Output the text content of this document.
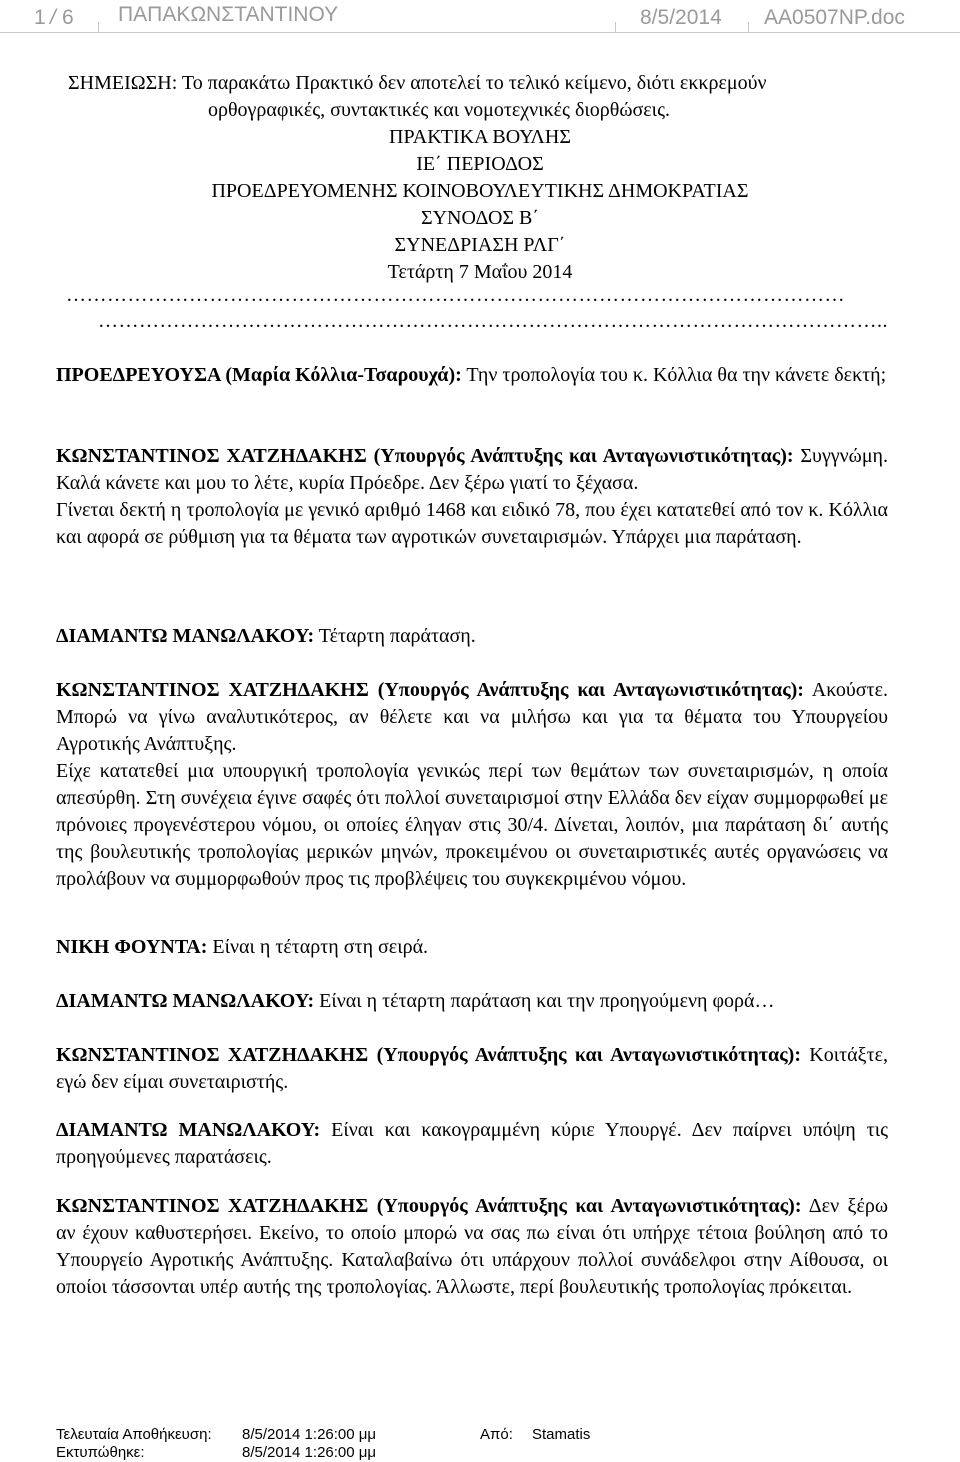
1 / 6 ΠΑΠΑΚΩΝΣΤΑΝΤΙΝΟΥ	8/5/2014 AA0507NP.doc
ΣΗΜΕΙΩΣΗ: Το παρακάτω Πρακτικό δεν αποτελεί το τελικό κείμενο, διότι εκκρεμούν
ορθογραφικές, συντακτικές και νομοτεχνικές διορθώσεις.
ΠΡΑΚΤΙΚΑ ΒΟΥΛΗΣ
ΙΕ΄ ΠΕΡΙΟΔΟΣ
ΠΡΟΕΔΡΕΥΟΜΕΝΗΣ ΚΟΙΝΟΒΟΥΛΕΥΤΙΚΗΣ ΔΗΜΟΚΡΑΤΙΑΣ
ΣΥΝΟΔΟΣ Β΄
ΣΥΝΕΔΡΙΑΣΗ ΡΛΓ΄
Τετάρτη 7 Μαΐου 2014
……………………………………………………………………………………………………
……………………………………………………………………………………………………..

ΠΡΟΕΔΡΕΥΟΥΣΑ (Μαρία Κόλλια-Τσαρουχά): Την τροπολογία του κ. Κόλλια θα την κάνετε δεκτή;

ΚΩΝΣΤΑΝΤΙΝΟΣ ΧΑΤΖΗΔΑΚΗΣ (Υπουργός Ανάπτυξης και Ανταγωνιστικότητας): Συγγνώμη. Καλά κάνετε και μου το λέτε, κυρία Πρόεδρε. Δεν ξέρω γιατί το ξέχασα.

Γίνεται δεκτή η τροπολογία με γενικό αριθμό 1468 και ειδικό 78, που έχει κατατεθεί από τον κ. Κόλλια και αφορά σε ρύθμιση για τα θέματα των αγροτικών συνεταιρισμών. Υπάρχει μια παράταση.

ΔΙΑΜΑΝΤΩ ΜΑΝΩΛΑΚΟΥ: Τέταρτη παράταση.

ΚΩΝΣΤΑΝΤΙΝΟΣ ΧΑΤΖΗΔΑΚΗΣ (Υπουργός Ανάπτυξης και Ανταγωνιστικότητας): Ακούστε. Μπορώ να γίνω αναλυτικότερος, αν θέλετε και να μιλήσω και για τα θέματα του Υπουργείου Αγροτικής Ανάπτυξης.

Είχε κατατεθεί μια υπουργική τροπολογία γενικώς περί των θεμάτων των συνεταιρισμών, η οποία απεσύρθη. Στη συνέχεια έγινε σαφές ότι πολλοί συνεταιρισμοί στην Ελλάδα δεν είχαν συμμορφωθεί με πρόνοιες προγενέστερου νόμου, οι οποίες έληγαν στις 30/4. Δίνεται, λοιπόν, μια παράταση δι΄ αυτής της βουλευτικής τροπολογίας μερικών μηνών, προκειμένου οι συνεταιριστικές αυτές οργανώσεις να προλάβουν να συμμορφωθούν προς τις προβλέψεις του συγκεκριμένου νόμου.

ΝΙΚΗ ΦΟΥΝΤΑ: Είναι η τέταρτη στη σειρά.

ΔΙΑΜΑΝΤΩ ΜΑΝΩΛΑΚΟΥ: Είναι η τέταρτη παράταση και την προηγούμενη φορά…

ΚΩΝΣΤΑΝΤΙΝΟΣ ΧΑΤΖΗΔΑΚΗΣ (Υπουργός Ανάπτυξης και Ανταγωνιστικότητας): Κοιτάξτε, εγώ δεν είμαι συνεταιριστής.

ΔΙΑΜΑΝΤΩ ΜΑΝΩΛΑΚΟΥ: Είναι και κακογραμμένη κύριε Υπουργέ. Δεν παίρνει υπόψη τις προηγούμενες παρατάσεις.

ΚΩΝΣΤΑΝΤΙΝΟΣ ΧΑΤΖΗΔΑΚΗΣ (Υπουργός Ανάπτυξης και Ανταγωνιστικότητας): Δεν ξέρω αν έχουν καθυστερήσει. Εκείνο, το οποίο μπορώ να σας πω είναι ότι υπήρχε τέτοια βούληση από το Υπουργείο Αγροτικής Ανάπτυξης. Καταλαβαίνω ότι υπάρχουν πολλοί συνάδελφοι στην Αίθουσα, οι οποίοι τάσσονται υπέρ αυτής της τροπολογίας. Άλλωστε, περί βουλευτικής τροπολογίας πρόκειται.

Τελευταία Αποθήκευση: 8/5/2014 1:26:00 μμ	Από: Stamatis
Εκτυπώθηκε:	8/5/2014 1:26:00 μμ
